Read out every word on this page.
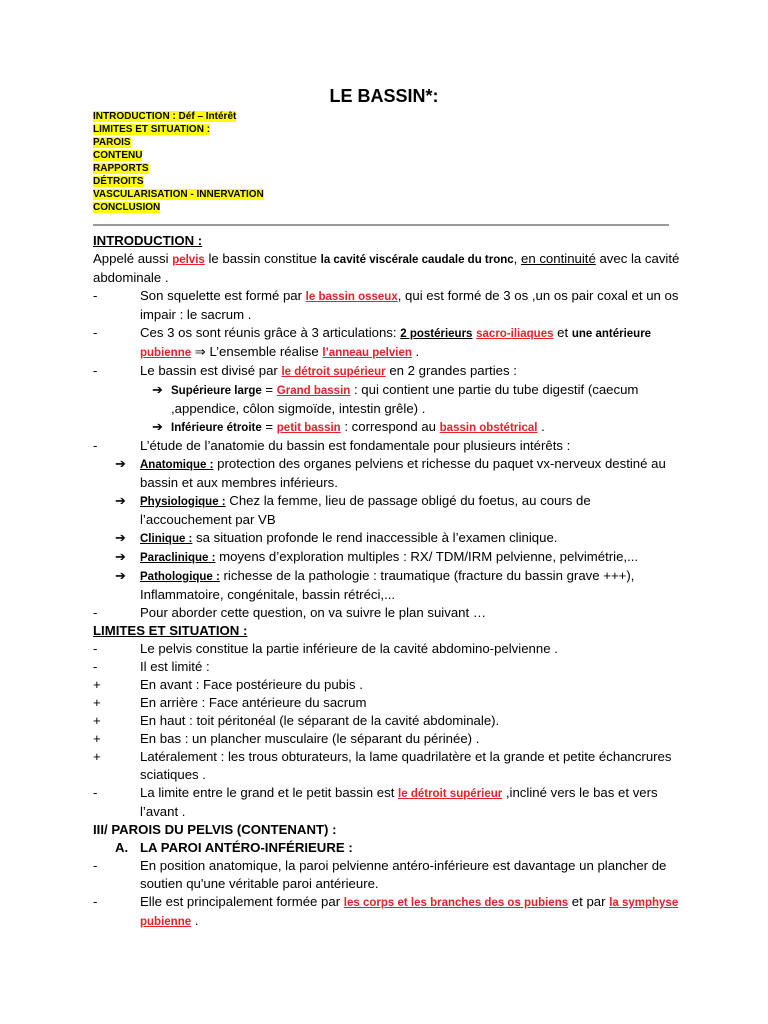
LE BASSIN*:
INTRODUCTION : Déf – Intérêt
LIMITES ET SITUATION :
PAROIS
CONTENU
RAPPORTS
DÉTROITS
VASCULARISATION - INNERVATION
CONCLUSION
INTRODUCTION :

Appelé aussi pelvis le bassin constitue la cavité viscérale caudale du tronc, en continuité avec la cavité abdominale .

-	Son squelette est formé par le bassin osseux, qui est formé de 3 os ,un os pair coxal et un os impair : le sacrum .
-	Ces 3 os sont réunis grâce à 3 articulations: 2 postérieurs sacro-iliaques et une antérieure pubienne ⇒ L’ensemble réalise l’anneau pelvien .
-	Le bassin est divisé par le détroit supérieur en 2 grandes parties :
➔ Supérieure large = Grand bassin : qui contient une partie du tube digestif (caecum ,appendice, côlon sigmoïde, intestin grêle) .
➔ Inférieure étroite = petit bassin : correspond au bassin obstétrical .
-	L’étude de l’anatomie du bassin est fondamentale pour plusieurs intérêts :
➔	Anatomique : protection des organes pelviens et richesse du paquet vx-nerveux destiné au bassin et aux membres inférieurs.
➔	Physiologique : Chez la femme, lieu de passage obligé du foetus, au cours de l’accouchement par VB
➔	Clinique : sa situation profonde le rend inaccessible à l’examen clinique.
➔	Paraclinique : moyens d’exploration multiples : RX/ TDM/IRM pelvienne, pelvimétrie,...
➔	Pathologique : richesse de la pathologie : traumatique (fracture du bassin grave +++), Inflammatoire, congénitale, bassin rétréci,...
-	Pour aborder cette question, on va suivre le plan suivant …
LIMITES ET SITUATION :
-	Le pelvis constitue la partie inférieure de la cavité abdomino-pelvienne .
-	Il est limité :
+	En avant : Face postérieure du pubis .
+	En arrière : Face antérieure du sacrum
+	En haut : toit péritonéal (le séparant de la cavité abdominale).
+	En bas : un plancher musculaire (le séparant du périnée) .
+	Latéralement : les trous obturateurs, la lame quadrilatère et la grande et petite échancrures sciatiques .
-	La limite entre le grand et le petit bassin est le détroit supérieur ,incliné vers le bas et vers l’avant .
III/ PAROIS DU PELVIS (CONTENANT) :
A. LA PAROI ANTÉRO-INFÉRIEURE :
-	En position anatomique, la paroi pelvienne antéro-inférieure est davantage un plancher de soutien qu'une véritable paroi antérieure.
-	Elle est principalement formée par les corps et les branches des os pubiens et par la symphyse pubienne .
